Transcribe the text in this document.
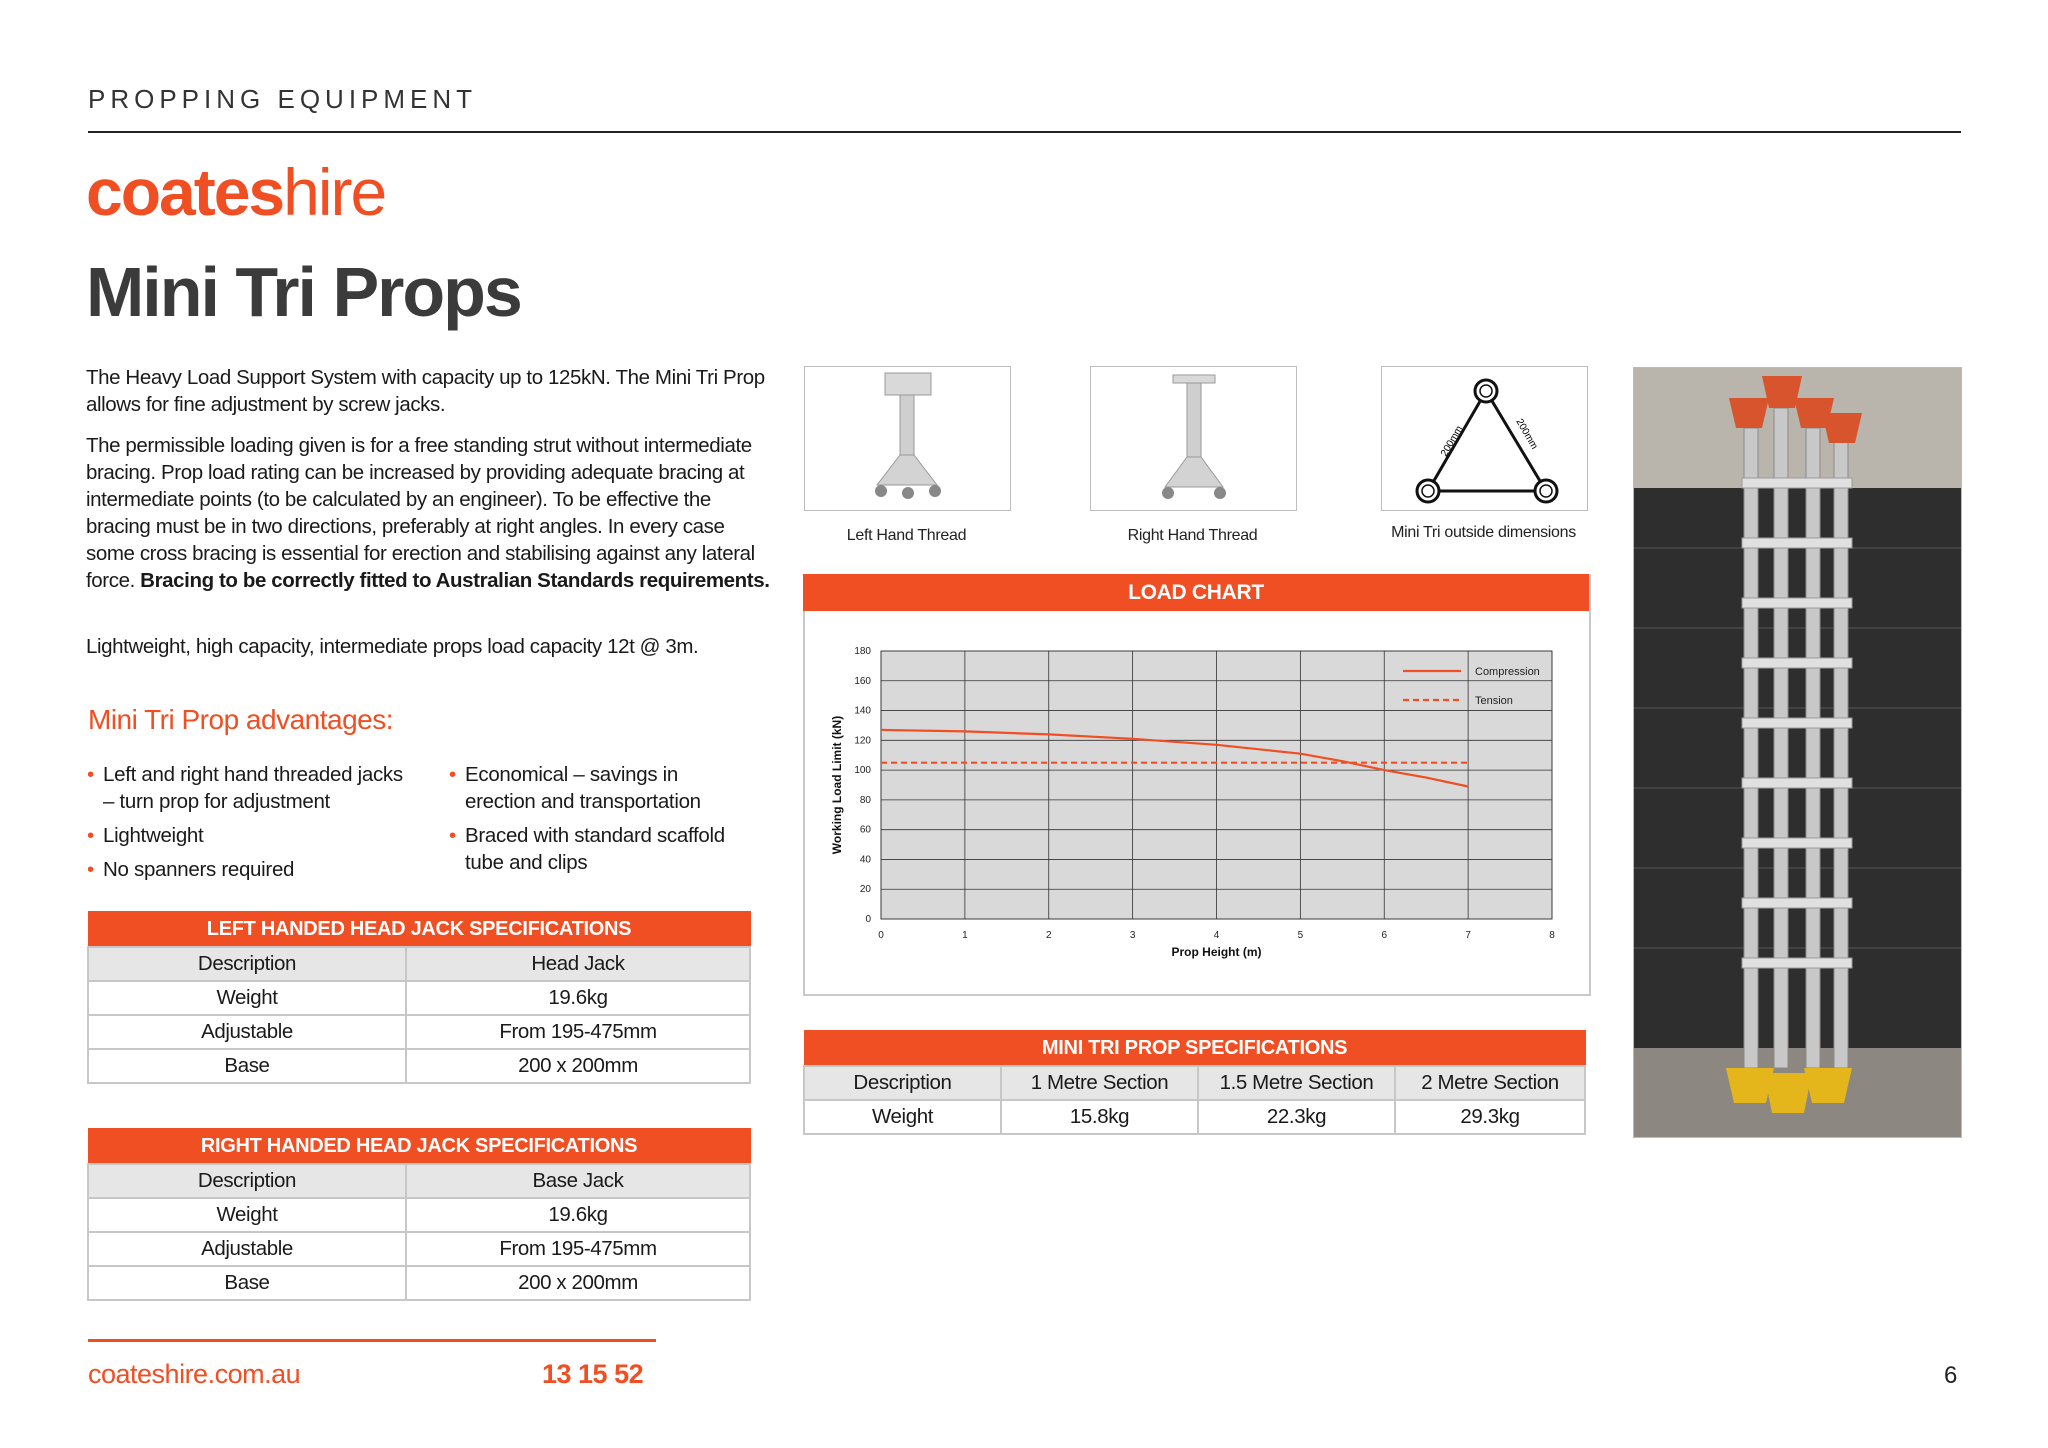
PROPPING EQUIPMENT
coateshire
Mini Tri Props
The Heavy Load Support System with capacity up to 125kN. The Mini Tri Prop allows for fine adjustment by screw jacks.
The permissible loading given is for a free standing strut without intermediate bracing. Prop load rating can be increased by providing adequate bracing at intermediate points (to be calculated by an engineer). To be effective the bracing must be in two directions, preferably at right angles. In every case some cross bracing is essential for erection and stabilising against any lateral force. Bracing to be correctly fitted to Australian Standards requirements.
Lightweight, high capacity, intermediate props load capacity 12t @ 3m.
Mini Tri Prop advantages:
• Left and right hand threaded jacks – turn prop for adjustment
• Lightweight
• No spanners required
• Economical – savings in erection and transportation
• Braced with standard scaffold tube and clips
LEFT HANDED HEAD JACK SPECIFICATIONS	
Description	Head Jack
Weight	19.6kg
Adjustable	From 195-475mm
Base	200 x 200mm
RIGHT HANDED HEAD JACK SPECIFICATIONS	
Description	Base Jack
Weight	19.6kg
Adjustable	From 195-475mm
Base	200 x 200mm
Left Hand Thread	Right Hand Thread
200mm	200mm
Mini Tri outside dimensions
LOAD CHART
0
20
40
60
80
100
120
140
160
180
0	1	2	3	4	5	6	7	8
Prop Height (m)
Working Load Limit (kN)
Compression
Tension
MINI TRI PROP SPECIFICATIONS			
Description	1 Metre Section	1.5 Metre Section	2 Metre Section
Weight	15.8kg	22.3kg	29.3kg
coateshire.com.au	13 15 52	6
